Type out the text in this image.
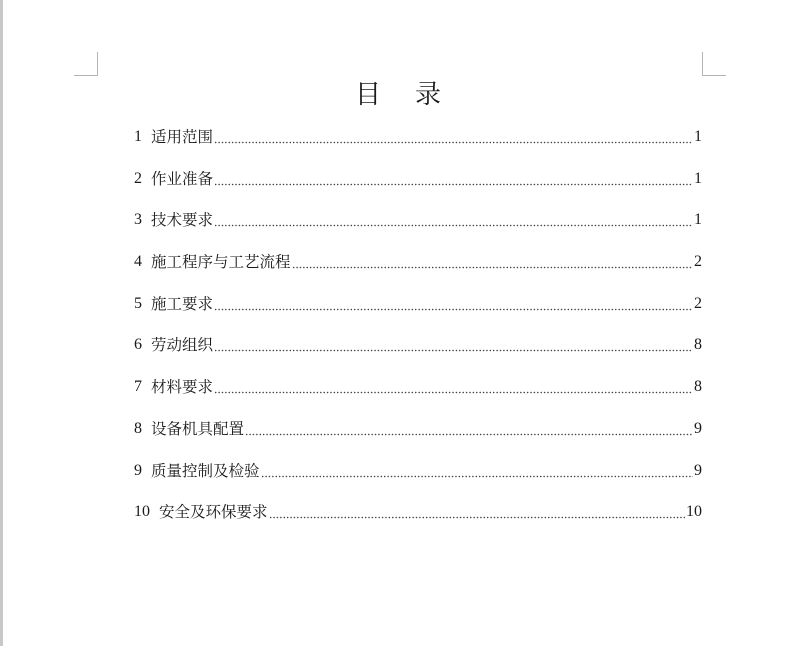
目 录
1 适用范围	1
2 作业准备	1
3 技术要求	1
4 施工程序与工艺流程	2
5 施工要求	2
6 劳动组织	8
7 材料要求	8
8 设备机具配置	9
9 质量控制及检验	9
10 安全及环保要求	10
